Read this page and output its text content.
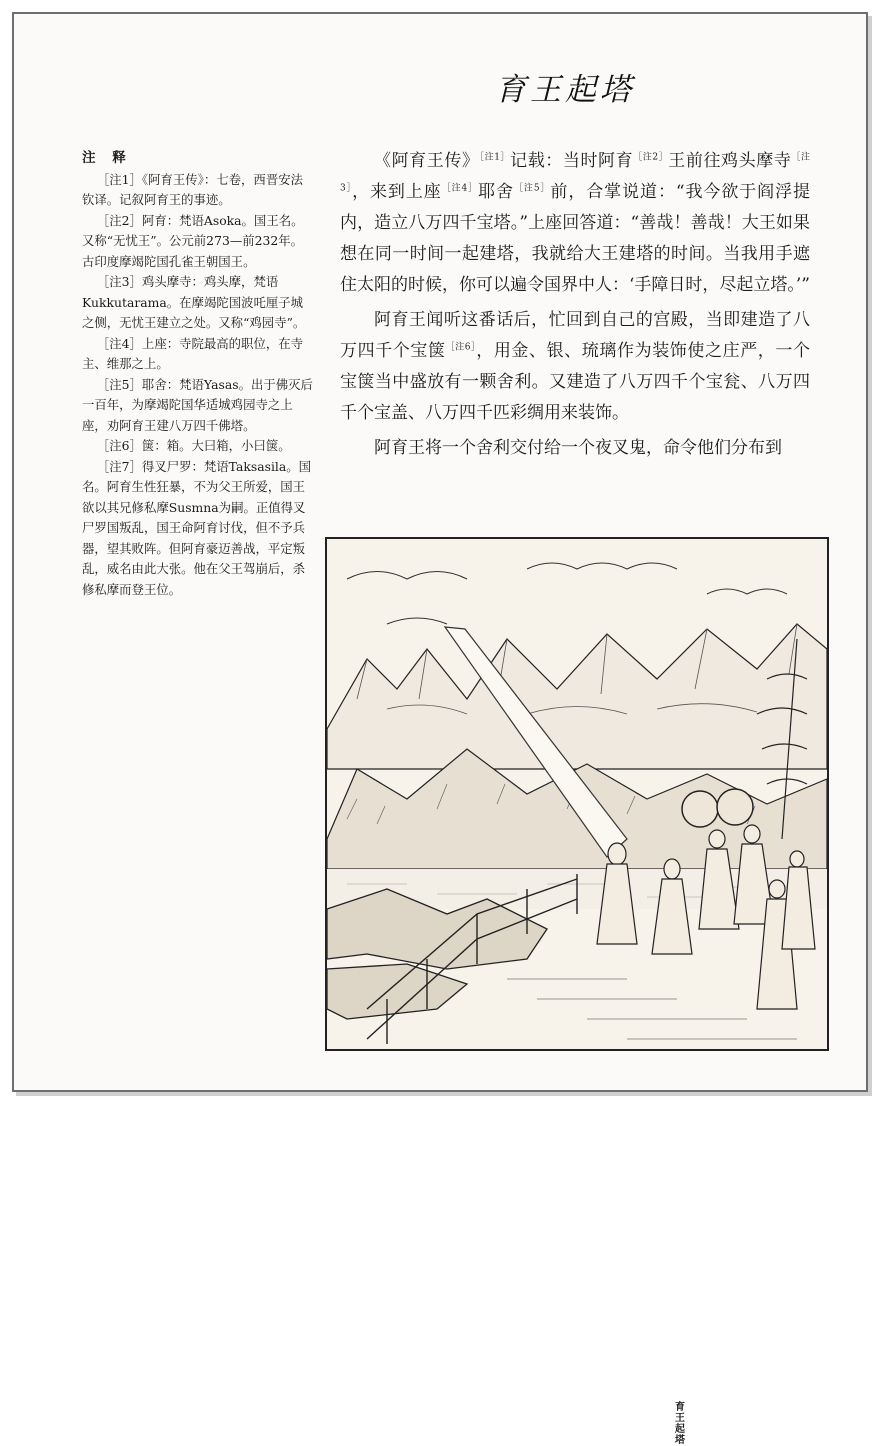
育王起塔
注 释
［注1］《阿育王传》：七卷，西晋安法钦译。记叙阿育王的事迹。
［注2］阿育：梵语Asoka。国王名。又称“无忧王”。公元前273—前232年。古印度摩竭陀国孔雀王朝国王。
［注3］鸡头摩寺：鸡头摩，梵语Kukkutarama。在摩竭陀国波吒厘子城之侧，无忧王建立之处。又称“鸡园寺”。
［注4］上座：寺院最高的职位，在寺主、维那之上。
［注5］耶舍：梵语Yasas。出于佛灭后一百年，为摩竭陀国华适城鸡园寺之上座，劝阿育王建八万四千佛塔。
［注6］箧：箱。大曰箱，小曰箧。
［注7］得叉尸罗：梵语Taksasila。国名。阿育生性狂暴，不为父王所爱，国王欲以其兄修私摩Susmna为嗣。正值得叉尸罗国叛乱，国王命阿育讨伐，但不予兵器，望其败阵。但阿育豪迈善战，平定叛乱，威名由此大张。他在父王驾崩后，杀修私摩而登王位。

《阿育王传》$^{[注1]}$记载：当时阿育$^{[注2]}$王前往鸡头摩寺$^{[注3]}$，来到上座$^{[注4]}$耶舍$^{[注5]}$前，合掌说道：“我今欲于阎浮提内，造立八万四千宝塔。”上座回答道：“善哉！善哉！大王如果想在同一时间一起建塔，我就给大王建塔的时间。当我用手遮住太阳的时候，你可以遍令国界中人：‘手障日时，尽起立塔。’”

阿育王闻听这番话后，忙回到自己的宫殿，当即建造了八万四千个宝箧$^{[注6]}$，用金、银、琉璃作为装饰使之庄严，一个宝箧当中盛放有一颗舍利。又建造了八万四千个宝瓮、八万四千个宝盖、八万四千匹彩绸用来装饰。

阿育王将一个舍利交付给一个夜叉鬼，命令他们分布到

育王起塔
